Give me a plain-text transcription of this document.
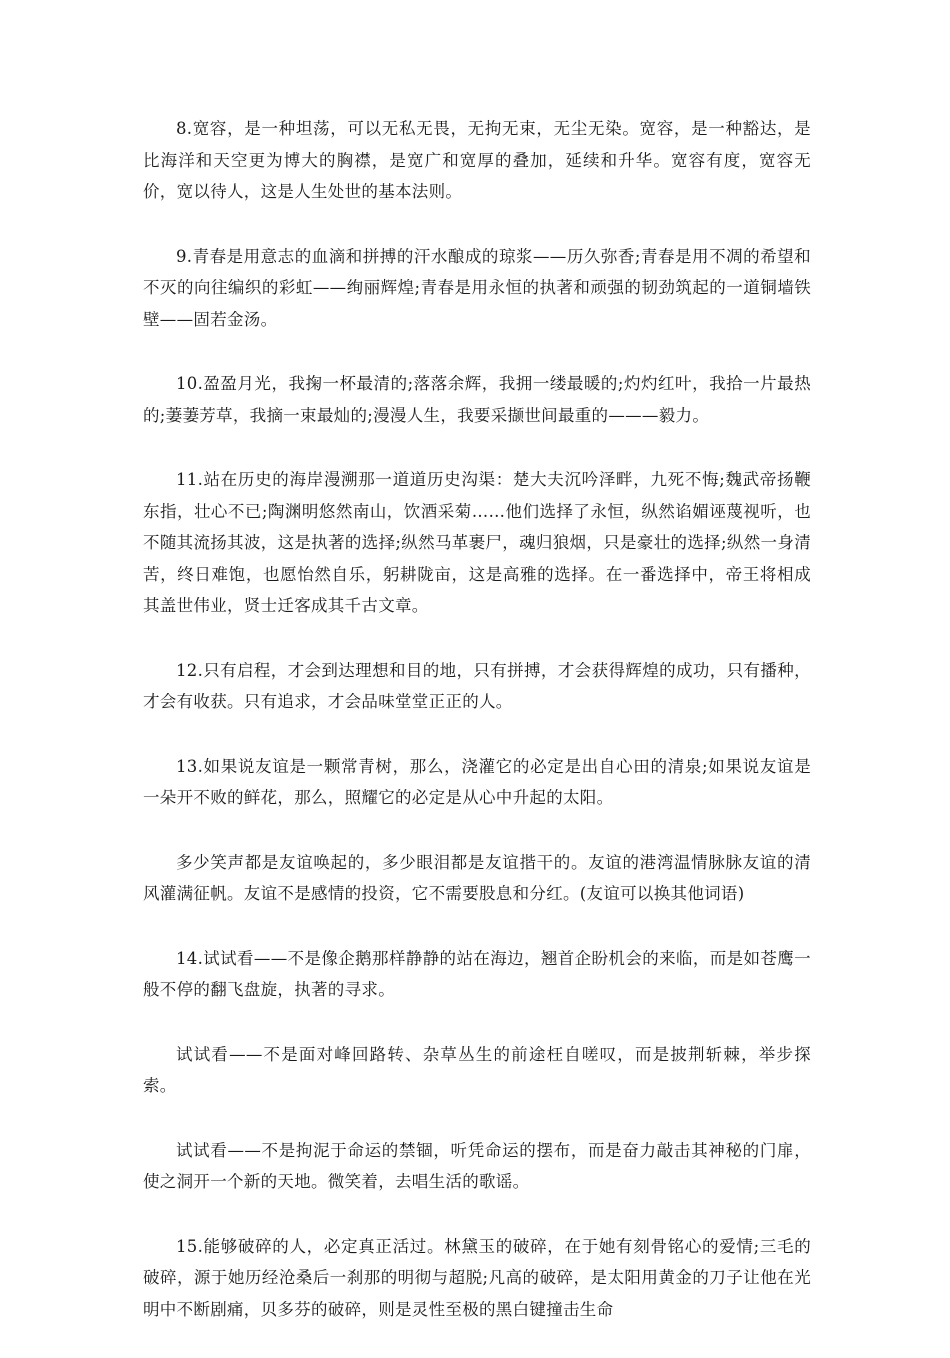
8.宽容，是一种坦荡，可以无私无畏，无拘无束，无尘无染。宽容，是一种豁达，是比海洋和天空更为博大的胸襟，是宽广和宽厚的叠加，延续和升华。宽容有度，宽容无价，宽以待人，这是人生处世的基本法则。

9.青春是用意志的血滴和拼搏的汗水酿成的琼浆——历久弥香;青春是用不凋的希望和不灭的向往编织的彩虹——绚丽辉煌;青春是用永恒的执著和顽强的韧劲筑起的一道铜墙铁壁——固若金汤。

10.盈盈月光，我掬一杯最清的;落落余辉，我拥一缕最暖的;灼灼红叶，我拾一片最热的;萋萋芳草，我摘一束最灿的;漫漫人生，我要采撷世间最重的———毅力。

11.站在历史的海岸漫溯那一道道历史沟渠：楚大夫沉吟泽畔，九死不悔;魏武帝扬鞭东指，壮心不已;陶渊明悠然南山，饮酒采菊……他们选择了永恒，纵然谄媚诬蔑视听，也不随其流扬其波，这是执著的选择;纵然马革裹尸，魂归狼烟，只是豪壮的选择;纵然一身清苦，终日难饱，也愿怡然自乐，躬耕陇亩，这是高雅的选择。在一番选择中，帝王将相成其盖世伟业，贤士迁客成其千古文章。

12.只有启程，才会到达理想和目的地，只有拼搏，才会获得辉煌的成功，只有播种，才会有收获。只有追求，才会品味堂堂正正的人。

13.如果说友谊是一颗常青树，那么，浇灌它的必定是出自心田的清泉;如果说友谊是一朵开不败的鲜花，那么，照耀它的必定是从心中升起的太阳。

多少笑声都是友谊唤起的，多少眼泪都是友谊揩干的。友谊的港湾温情脉脉友谊的清风灌满征帆。友谊不是感情的投资，它不需要股息和分红。(友谊可以换其他词语)

14.试试看——不是像企鹅那样静静的站在海边，翘首企盼机会的来临，而是如苍鹰一般不停的翻飞盘旋，执著的寻求。

试试看——不是面对峰回路转、杂草丛生的前途枉自嗟叹，而是披荆斩棘，举步探索。

试试看——不是拘泥于命运的禁锢，听凭命运的摆布，而是奋力敲击其神秘的门扉，使之洞开一个新的天地。微笑着，去唱生活的歌谣。

15.能够破碎的人，必定真正活过。林黛玉的破碎，在于她有刻骨铭心的爱情;三毛的破碎，源于她历经沧桑后一刹那的明彻与超脱;凡高的破碎，是太阳用黄金的刀子让他在光明中不断剧痛，贝多芬的破碎，则是灵性至极的黑白键撞击生命
